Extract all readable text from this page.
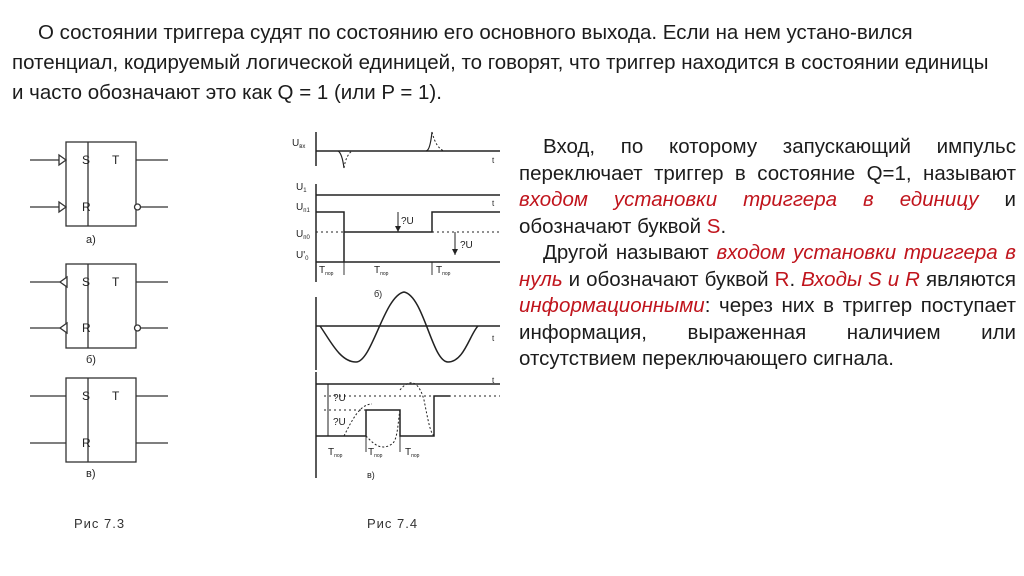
О состоянии триггера судят по состоянию его основного выхода. Если на нем устано-вился потенциал, кодируемый логической единицей, то говорят, что триггер находится в состоянии единицы и часто обозначают это как Q = 1 (или P = 1).

Вход, по которому запускающий импульс переключает триггер в состояние Q=1, называют входом установки триггера в единицу и обозначают буквой S.

Другой называют входом установки триггера в нуль и обозначают буквой R. Входы S и R являются информационными: через них в триггер поступает информация, выраженная наличием или отсутствием переключающего сигнала.

S
R
T
а)
S
R
T
б)
S
R
T
в)
$U_{вх}$
t
$U_1$
$U_{п1}$
$U_{п0}$
$U'_0$
t
?U
?U
$T_{пор}$	$T_{пор}$	$T_{пор}$
б)
t
t
?U
?U
$T_{пор}$	$T_{пор}$ $T_{пор}$
в)
Рис 7.3	Рис 7.4
